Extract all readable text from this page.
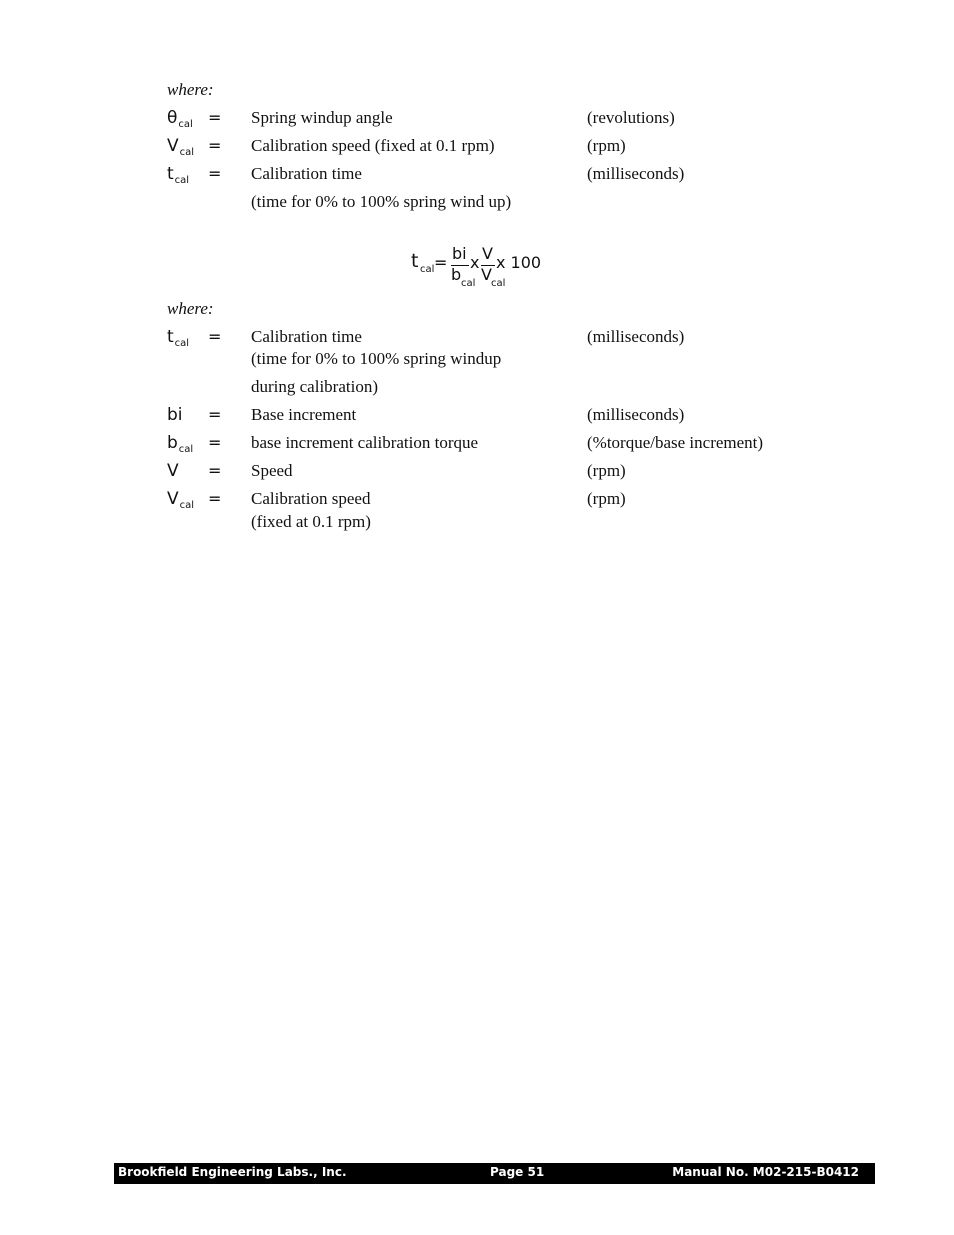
where:
$\theta_{cal}$ = Spring windup angle	(revolutions)
$V_{cal}$ = Calibration speed (fixed at 0.1 rpm)	(rpm)
$t_{cal}$ = Calibration time	(milliseconds)
(time for 0% to 100% spring wind up)
t cal = bi
b cal
x V
V cal
x 100
where:
$t_{cal}$ = Calibration time	(milliseconds)
(time for 0% to 100% spring windup
during calibration)
bi = Base increment	(milliseconds)
$b_{cal}$ = base increment calibration torque	(%torque/base increment)
V = Speed	(rpm)
$V_{cal}$ = Calibration speed	(rpm)
(fixed at 0.1 rpm)
Brookfield Engineering Labs., Inc.	Page 51	Manual No. M02-215-B0412
